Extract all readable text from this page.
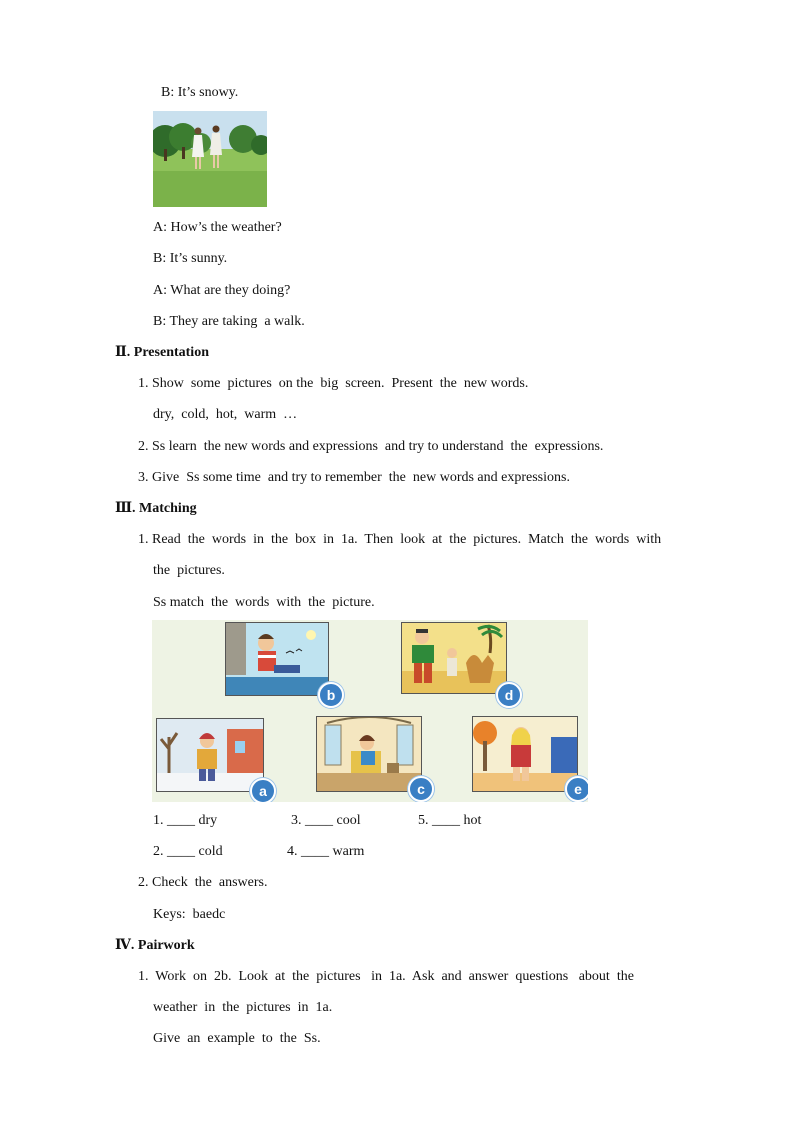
B: It’s snowy.
A: How’s the weather?
B: It’s sunny.
A: What are they doing?
B: They are taking  a walk.
Ⅱ. Presentation
1. Show  some  pictures  on the  big  screen.  Present  the  new words.
dry,  cold,  hot,  warm  …
2. Ss learn  the new words and expressions  and try to understand  the  expressions.
3. Give  Ss some time  and try to remember  the  new words and expressions.
Ⅲ. Matching
1. Read  the  words  in  the  box  in  1a.  Then  look  at  the  pictures.  Match  the  words  with
the  pictures.
Ss match  the  words  with  the  picture.
b	d
a	c	e
1. ____ dry	3. ____ cool	5. ____ hot
2. ____ cold	4. ____ warm
2. Check  the  answers.
Keys:  baedc
Ⅳ. Pairwork
1.  Work  on  2b.  Look  at  the  pictures   in  1a.  Ask  and  answer  questions   about  the
weather  in  the  pictures  in  1a.
Give  an  example  to  the  Ss.
